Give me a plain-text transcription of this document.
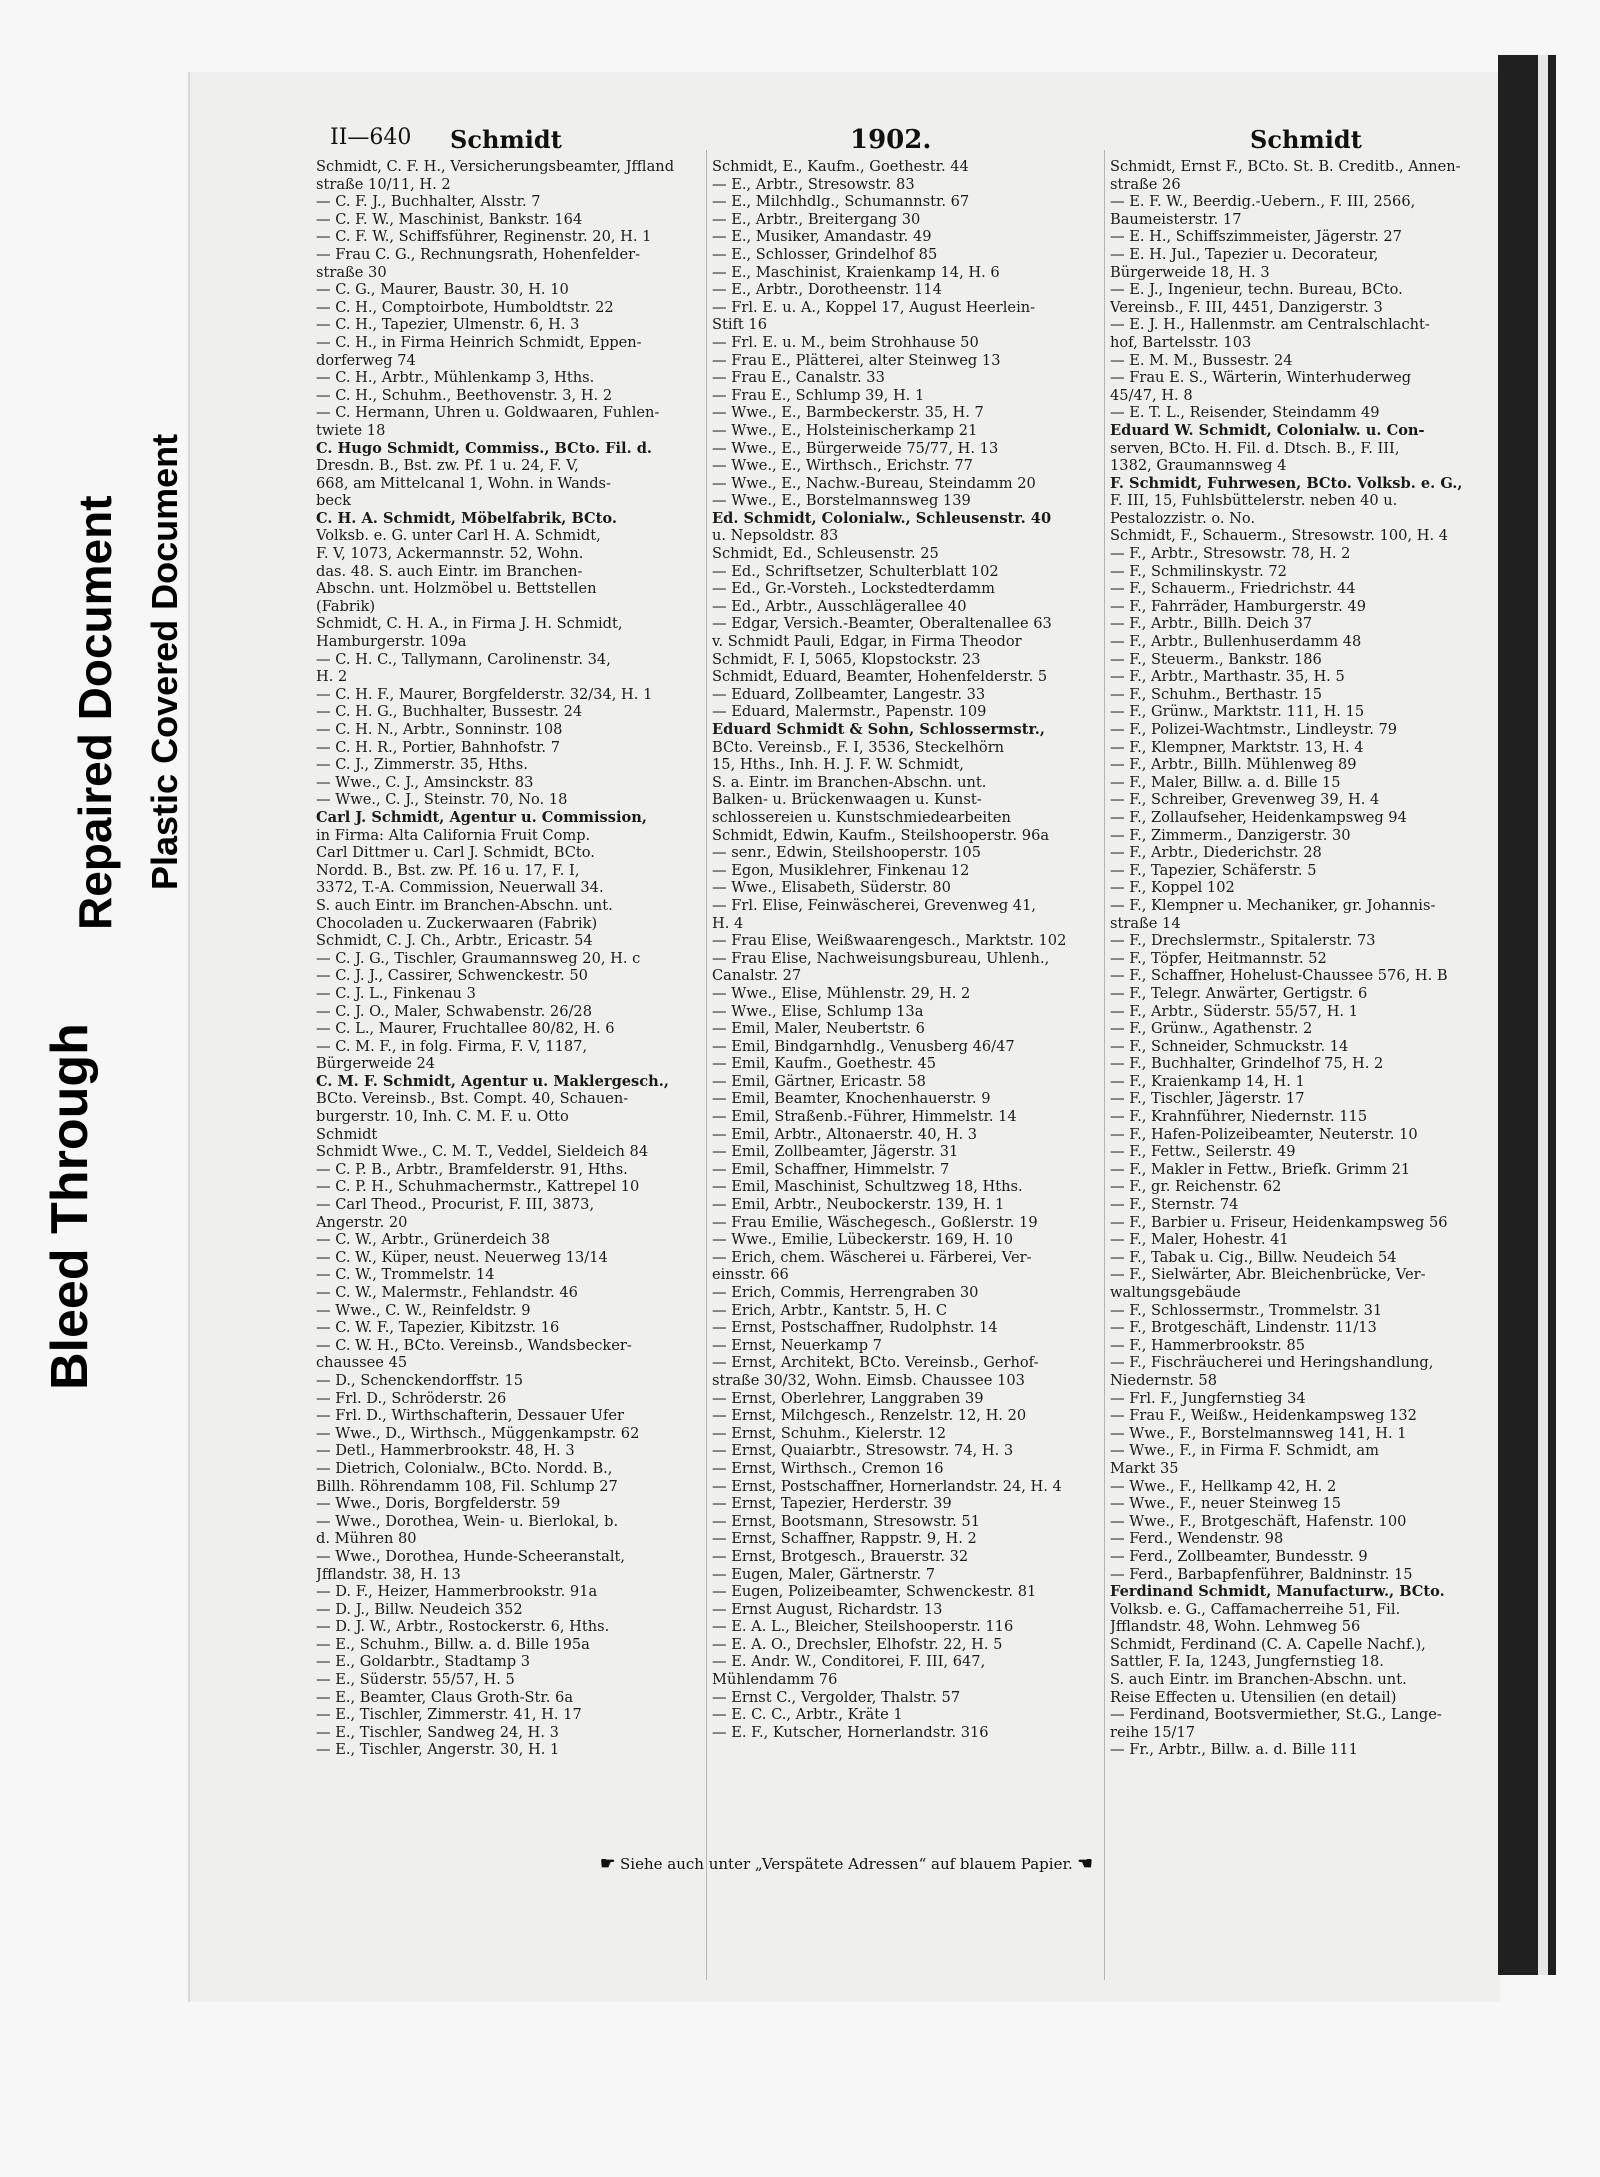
Bleed Through
Repaired Document Plastic Covered Document
II—640 Schmidt	1902.	Schmidt
Schmidt, C. F. H., Versicherungsbeamter, Jffland
straße 10/11, H. 2
— C. F. J., Buchhalter, Alsstr. 7
— C. F. W., Maschinist, Bankstr. 164
— C. F. W., Schiffsführer, Reginenstr. 20, H. 1
— Frau C. G., Rechnungsrath, Hohenfelder-
straße 30
— C. G., Maurer, Baustr. 30, H. 10
— C. H., Comptoirbote, Humboldtstr. 22
— C. H., Tapezier, Ulmenstr. 6, H. 3
— C. H., in Firma Heinrich Schmidt, Eppen-
dorferweg 74
— C. H., Arbtr., Mühlenkamp 3, Hths.
— C. H., Schuhm., Beethovenstr. 3, H. 2
— C. Hermann, Uhren u. Goldwaaren, Fuhlen-
twiete 18
C. Hugo Schmidt, Commiss., BCto. Fil. d.
Dresdn. B., Bst. zw. Pf. 1 u. 24, F. V,
668, am Mittelcanal 1, Wohn. in Wands-
beck
C. H. A. Schmidt, Möbelfabrik, BCto.
Volksb. e. G. unter Carl H. A. Schmidt,
F. V, 1073, Ackermannstr. 52, Wohn.
das. 48. S. auch Eintr. im Branchen-
Abschn. unt. Holzmöbel u. Bettstellen
(Fabrik)
Schmidt, C. H. A., in Firma J. H. Schmidt,
Hamburgerstr. 109a
— C. H. C., Tallymann, Carolinenstr. 34,
H. 2
— C. H. F., Maurer, Borgfelderstr. 32/34, H. 1
— C. H. G., Buchhalter, Bussestr. 24
— C. H. N., Arbtr., Sonninstr. 108
— C. H. R., Portier, Bahnhofstr. 7
— C. J., Zimmerstr. 35, Hths.
— Wwe., C. J., Amsinckstr. 83
— Wwe., C. J., Steinstr. 70, No. 18
Carl J. Schmidt, Agentur u. Commission,
in Firma: Alta California Fruit Comp.
Carl Dittmer u. Carl J. Schmidt, BCto.
Nordd. B., Bst. zw. Pf. 16 u. 17, F. I,
3372, T.-A. Commission, Neuerwall 34.
S. auch Eintr. im Branchen-Abschn. unt.
Chocoladen u. Zuckerwaaren (Fabrik)
Schmidt, C. J. Ch., Arbtr., Ericastr. 54
— C. J. G., Tischler, Graumannsweg 20, H. c
— C. J. J., Cassirer, Schwenckestr. 50
— C. J. L., Finkenau 3
— C. J. O., Maler, Schwabenstr. 26/28
— C. L., Maurer, Fruchtallee 80/82, H. 6
— C. M. F., in folg. Firma, F. V, 1187,
Bürgerweide 24
C. M. F. Schmidt, Agentur u. Maklergesch.,
BCto. Vereinsb., Bst. Compt. 40, Schauen-
burgerstr. 10, Inh. C. M. F. u. Otto
Schmidt
Schmidt Wwe., C. M. T., Veddel, Sieldeich 84
— C. P. B., Arbtr., Bramfelderstr. 91, Hths.
— C. P. H., Schuhmachermstr., Kattrepel 10
— Carl Theod., Procurist, F. III, 3873,
Angerstr. 20
— C. W., Arbtr., Grünerdeich 38
— C. W., Küper, neust. Neuerweg 13/14
— C. W., Trommelstr. 14
— C. W., Malermstr., Fehlandstr. 46
— Wwe., C. W., Reinfeldstr. 9
— C. W. F., Tapezier, Kibitzstr. 16
— C. W. H., BCto. Vereinsb., Wandsbecker-
chaussee 45
— D., Schenckendorffstr. 15
— Frl. D., Schröderstr. 26
— Frl. D., Wirthschafterin, Dessauer Ufer
— Wwe., D., Wirthsch., Müggenkampstr. 62
— Detl., Hammerbrookstr. 48, H. 3
— Dietrich, Colonialw., BCto. Nordd. B.,
Billh. Röhrendamm 108, Fil. Schlump 27
— Wwe., Doris, Borgfelderstr. 59
— Wwe., Dorothea, Wein- u. Bierlokal, b.
d. Mühren 80
— Wwe., Dorothea, Hunde-Scheeranstalt,
Jfflandstr. 38, H. 13
— D. F., Heizer, Hammerbrookstr. 91a
— D. J., Billw. Neudeich 352
— D. J. W., Arbtr., Rostockerstr. 6, Hths.
— E., Schuhm., Billw. a. d. Bille 195a
— E., Goldarbtr., Stadtamp 3
— E., Süderstr. 55/57, H. 5
— E., Beamter, Claus Groth-Str. 6a
— E., Tischler, Zimmerstr. 41, H. 17
— E., Tischler, Sandweg 24, H. 3
— E., Tischler, Angerstr. 30, H. 1
Schmidt, E., Kaufm., Goethestr. 44
— E., Arbtr., Stresowstr. 83
— E., Milchhdlg., Schumannstr. 67
— E., Arbtr., Breitergang 30
— E., Musiker, Amandastr. 49
— E., Schlosser, Grindelhof 85
— E., Maschinist, Kraienkamp 14, H. 6
— E., Arbtr., Dorotheenstr. 114
— Frl. E. u. A., Koppel 17, August Heerlein-
Stift 16
— Frl. E. u. M., beim Strohhause 50
— Frau E., Plätterei, alter Steinweg 13
— Frau E., Canalstr. 33
— Frau E., Schlump 39, H. 1
— Wwe., E., Barmbeckerstr. 35, H. 7
— Wwe., E., Holsteinischerkamp 21
— Wwe., E., Bürgerweide 75/77, H. 13
— Wwe., E., Wirthsch., Erichstr. 77
— Wwe., E., Nachw.-Bureau, Steindamm 20
— Wwe., E., Borstelmannsweg 139
Ed. Schmidt, Colonialw., Schleusenstr. 40
u. Nepsoldstr. 83
Schmidt, Ed., Schleusenstr. 25
— Ed., Schriftsetzer, Schulterblatt 102
— Ed., Gr.-Vorsteh., Lockstedterdamm
— Ed., Arbtr., Ausschlägerallee 40
— Edgar, Versich.-Beamter, Oberaltenallee 63
v. Schmidt Pauli, Edgar, in Firma Theodor
Schmidt, F. I, 5065, Klopstockstr. 23
Schmidt, Eduard, Beamter, Hohenfelderstr. 5
— Eduard, Zollbeamter, Langestr. 33
— Eduard, Malermstr., Papenstr. 109
Eduard Schmidt & Sohn, Schlossermstr.,
BCto. Vereinsb., F. I, 3536, Steckelhörn
15, Hths., Inh. H. J. F. W. Schmidt,
S. a. Eintr. im Branchen-Abschn. unt.
Balken- u. Brückenwaagen u. Kunst-
schlossereien u. Kunstschmiedearbeiten
Schmidt, Edwin, Kaufm., Steilshooperstr. 96a
— senr., Edwin, Steilshooperstr. 105
— Egon, Musiklehrer, Finkenau 12
— Wwe., Elisabeth, Süderstr. 80
— Frl. Elise, Feinwäscherei, Grevenweg 41,
H. 4
— Frau Elise, Weißwaarengesch., Marktstr. 102
— Frau Elise, Nachweisungsbureau, Uhlenh.,
Canalstr. 27
— Wwe., Elise, Mühlenstr. 29, H. 2
— Wwe., Elise, Schlump 13a
— Emil, Maler, Neubertstr. 6
— Emil, Bindgarnhdlg., Venusberg 46/47
— Emil, Kaufm., Goethestr. 45
— Emil, Gärtner, Ericastr. 58
— Emil, Beamter, Knochenhauerstr. 9
— Emil, Straßenb.-Führer, Himmelstr. 14
— Emil, Arbtr., Altonaerstr. 40, H. 3
— Emil, Zollbeamter, Jägerstr. 31
— Emil, Schaffner, Himmelstr. 7
— Emil, Maschinist, Schultzweg 18, Hths.
— Emil, Arbtr., Neubockerstr. 139, H. 1
— Frau Emilie, Wäschegesch., Goßlerstr. 19
— Wwe., Emilie, Lübeckerstr. 169, H. 10
— Erich, chem. Wäscherei u. Färberei, Ver-
einsstr. 66
— Erich, Commis, Herrengraben 30
— Erich, Arbtr., Kantstr. 5, H. C
— Ernst, Postschaffner, Rudolphstr. 14
— Ernst, Neuerkamp 7
— Ernst, Architekt, BCto. Vereinsb., Gerhof-
straße 30/32, Wohn. Eimsb. Chaussee 103
— Ernst, Oberlehrer, Langgraben 39
— Ernst, Milchgesch., Renzelstr. 12, H. 20
— Ernst, Schuhm., Kielerstr. 12
— Ernst, Quaiarbtr., Stresowstr. 74, H. 3
— Ernst, Wirthsch., Cremon 16
— Ernst, Postschaffner, Hornerlandstr. 24, H. 4
— Ernst, Tapezier, Herderstr. 39
— Ernst, Bootsmann, Stresowstr. 51
— Ernst, Schaffner, Rappstr. 9, H. 2
— Ernst, Brotgesch., Brauerstr. 32
— Eugen, Maler, Gärtnerstr. 7
— Eugen, Polizeibeamter, Schwenckestr. 81
— Ernst August, Richardstr. 13
— E. A. L., Bleicher, Steilshooperstr. 116
— E. A. O., Drechsler, Elhofstr. 22, H. 5
— E. Andr. W., Conditorei, F. III, 647,
Mühlendamm 76
— Ernst C., Vergolder, Thalstr. 57
— E. C. C., Arbtr., Kräte 1
— E. F., Kutscher, Hornerlandstr. 316
Schmidt, Ernst F., BCto. St. B. Creditb., Annen-
straße 26
— E. F. W., Beerdig.-Uebern., F. III, 2566,
Baumeisterstr. 17
— E. H., Schiffszimmeister, Jägerstr. 27
— E. H. Jul., Tapezier u. Decorateur,
Bürgerweide 18, H. 3
— E. J., Ingenieur, techn. Bureau, BCto.
Vereinsb., F. III, 4451, Danzigerstr. 3
— E. J. H., Hallenmstr. am Centralschlacht-
hof, Bartelsstr. 103
— E. M. M., Bussestr. 24
— Frau E. S., Wärterin, Winterhuderweg
45/47, H. 8
— E. T. L., Reisender, Steindamm 49
Eduard W. Schmidt, Colonialw. u. Con-
serven, BCto. H. Fil. d. Dtsch. B., F. III,
1382, Graumannsweg 4
F. Schmidt, Fuhrwesen, BCto. Volksb. e. G.,
F. III, 15, Fuhlsbüttelerstr. neben 40 u.
Pestalozzistr. o. No.
Schmidt, F., Schauerm., Stresowstr. 100, H. 4
— F., Arbtr., Stresowstr. 78, H. 2
— F., Schmilinskystr. 72
— F., Schauerm., Friedrichstr. 44
— F., Fahrräder, Hamburgerstr. 49
— F., Arbtr., Billh. Deich 37
— F., Arbtr., Bullenhuserdamm 48
— F., Steuerm., Bankstr. 186
— F., Arbtr., Marthastr. 35, H. 5
— F., Schuhm., Berthastr. 15
— F., Grünw., Marktstr. 111, H. 15
— F., Polizei-Wachtmstr., Lindleystr. 79
— F., Klempner, Marktstr. 13, H. 4
— F., Arbtr., Billh. Mühlenweg 89
— F., Maler, Billw. a. d. Bille 15
— F., Schreiber, Grevenweg 39, H. 4
— F., Zollaufseher, Heidenkampsweg 94
— F., Zimmerm., Danzigerstr. 30
— F., Arbtr., Diederichstr. 28
— F., Tapezier, Schäferstr. 5
— F., Koppel 102
— F., Klempner u. Mechaniker, gr. Johannis-
straße 14
— F., Drechslermstr., Spitalerstr. 73
— F., Töpfer, Heitmannstr. 52
— F., Schaffner, Hohelust-Chaussee 576, H. B
— F., Telegr. Anwärter, Gertigstr. 6
— F., Arbtr., Süderstr. 55/57, H. 1
— F., Grünw., Agathenstr. 2
— F., Schneider, Schmuckstr. 14
— F., Buchhalter, Grindelhof 75, H. 2
— F., Kraienkamp 14, H. 1
— F., Tischler, Jägerstr. 17
— F., Krahnführer, Niedernstr. 115
— F., Hafen-Polizeibeamter, Neuterstr. 10
— F., Fettw., Seilerstr. 49
— F., Makler in Fettw., Briefk. Grimm 21
— F., gr. Reichenstr. 62
— F., Sternstr. 74
— F., Barbier u. Friseur, Heidenkampsweg 56
— F., Maler, Hohestr. 41
— F., Tabak u. Cig., Billw. Neudeich 54
— F., Sielwärter, Abr. Bleichenbrücke, Ver-
waltungsgebäude
— F., Schlossermstr., Trommelstr. 31
— F., Brotgeschäft, Lindenstr. 11/13
— F., Hammerbrookstr. 85
— F., Fischräucherei und Heringshandlung,
Niedernstr. 58
— Frl. F., Jungfernstieg 34
— Frau F., Weißw., Heidenkampsweg 132
— Wwe., F., Borstelmannsweg 141, H. 1
— Wwe., F., in Firma F. Schmidt, am
Markt 35
— Wwe., F., Hellkamp 42, H. 2
— Wwe., F., neuer Steinweg 15
— Wwe., F., Brotgeschäft, Hafenstr. 100
— Ferd., Wendenstr. 98
— Ferd., Zollbeamter, Bundesstr. 9
— Ferd., Barbapfenführer, Baldninstr. 15
Ferdinand Schmidt, Manufacturw., BCto.
Volksb. e. G., Caffamacherreihe 51, Fil.
Jfflandstr. 48, Wohn. Lehmweg 56
Schmidt, Ferdinand (C. A. Capelle Nachf.),
Sattler, F. Ia, 1243, Jungfernstieg 18.
S. auch Eintr. im Branchen-Abschn. unt.
Reise Effecten u. Utensilien (en detail)
— Ferdinand, Bootsvermiether, St.G., Lange-
reihe 15/17
— Fr., Arbtr., Billw. a. d. Bille 111
☛ Siehe auch unter „Verspätete Adressen“ auf blauem Papier. ☚
